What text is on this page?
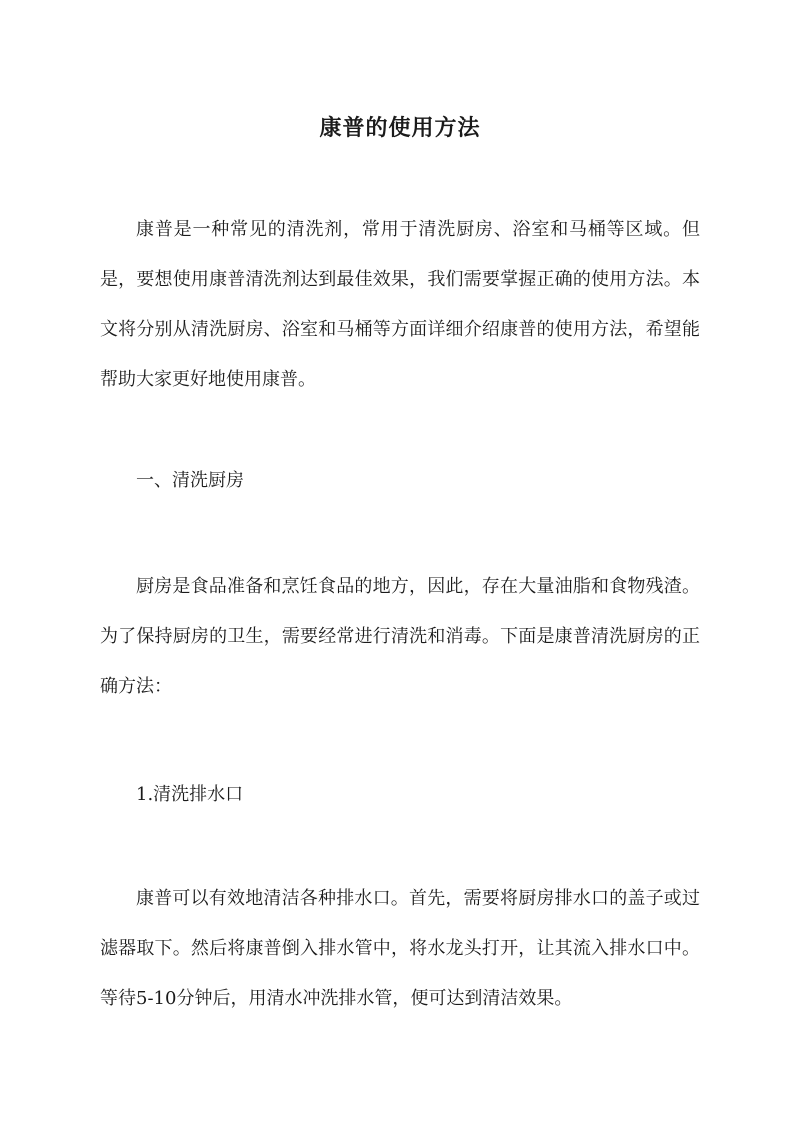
康普的使用方法

康普是一种常见的清洗剂，常用于清洗厨房、浴室和马桶等区域。但是，要想使用康普清洗剂达到最佳效果，我们需要掌握正确的使用方法。本文将分别从清洗厨房、浴室和马桶等方面详细介绍康普的使用方法，希望能帮助大家更好地使用康普。

一、清洗厨房

厨房是食品准备和烹饪食品的地方，因此，存在大量油脂和食物残渣。为了保持厨房的卫生，需要经常进行清洗和消毒。下面是康普清洗厨房的正确方法：

1.清洗排水口

康普可以有效地清洁各种排水口。首先，需要将厨房排水口的盖子或过滤器取下。然后将康普倒入排水管中，将水龙头打开，让其流入排水口中。等待5-10分钟后，用清水冲洗排水管，便可达到清洁效果。
